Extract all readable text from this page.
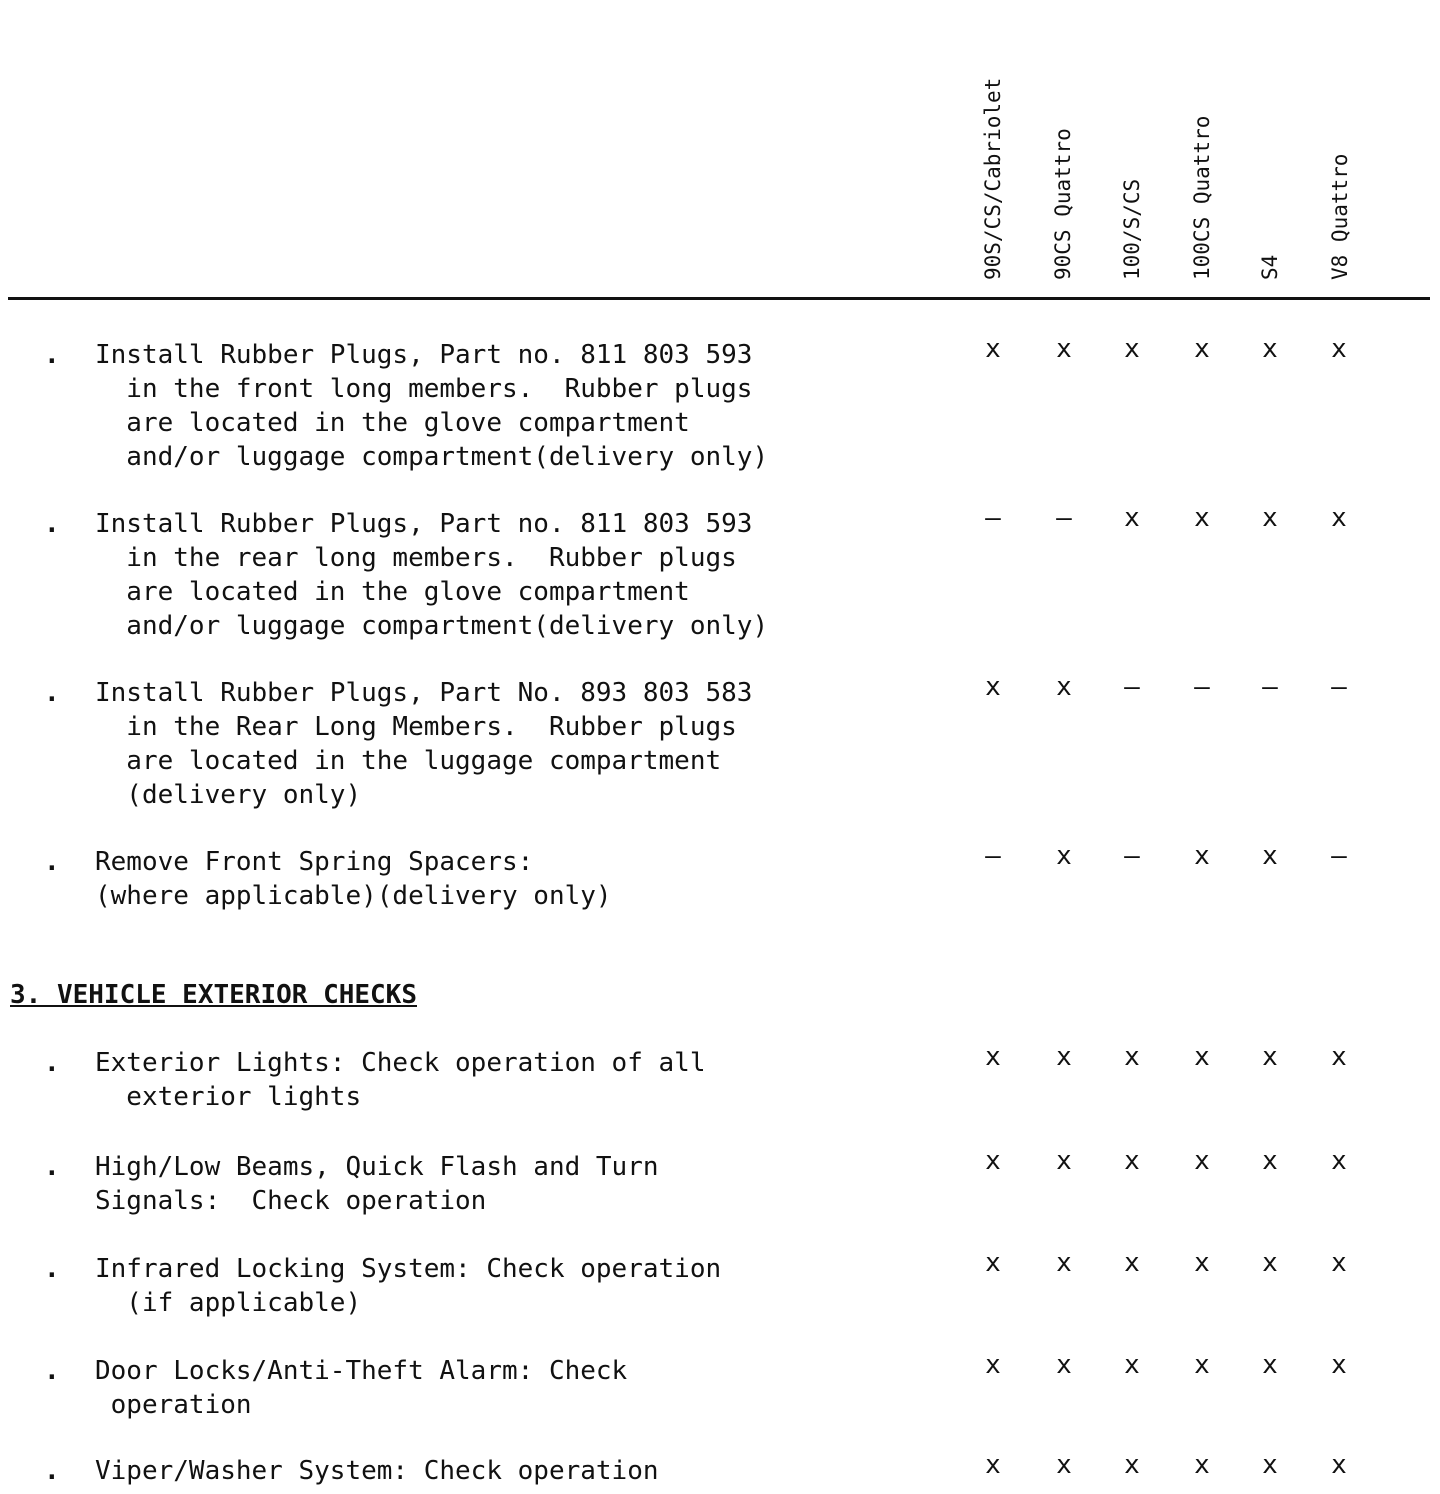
90S/CS/Cabriolet 90CS Quattro 100/S/CS 100CS Quattro S4 V8 Quattro
. Install Rubber Plugs, Part no. 811 803 593
in the front long members.  Rubber plugs
are located in the glove compartment
and/or luggage compartment(delivery only)
x x x x x x
. Install Rubber Plugs, Part no. 811 803 593
in the rear long members.  Rubber plugs
are located in the glove compartment
and/or luggage compartment(delivery only)
– – x x x x
. Install Rubber Plugs, Part No. 893 803 583
in the Rear Long Members.  Rubber plugs
are located in the luggage compartment
(delivery only)
x x – – – –
. Remove Front Spring Spacers:
(where applicable)(delivery only)
– x – x x –
3. VEHICLE EXTERIOR CHECKS
. Exterior Lights: Check operation of all
exterior lights
x x x x x x
. High/Low Beams, Quick Flash and Turn
Signals:  Check operation
x x x x x x
. Infrared Locking System: Check operation
(if applicable)
x x x x x x
. Door Locks/Anti-Theft Alarm: Check
operation
x x x x x x
. Viper/Washer System: Check operation	x x x x x x
